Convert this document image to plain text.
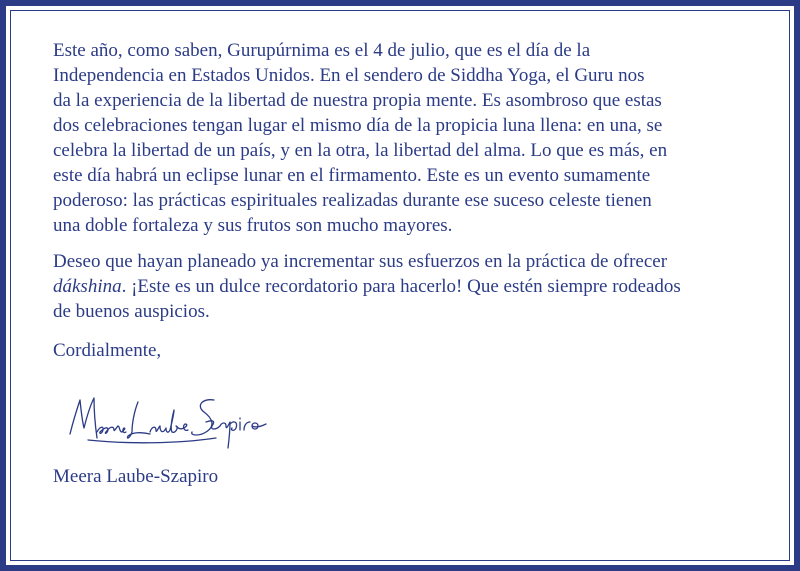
Este año, como saben, Gurupúrnima es el 4 de julio, que es el día de la
Independencia en Estados Unidos. En el sendero de Siddha Yoga, el Guru nos
da la experiencia de la libertad de nuestra propia mente. Es asombroso que estas
dos celebraciones tengan lugar el mismo día de la propicia luna llena: en una, se
celebra la libertad de un país, y en la otra, la libertad del alma. Lo que es más, en
este día habrá un eclipse lunar en el firmamento. Este es un evento sumamente
poderoso: las prácticas espirituales realizadas durante ese suceso celeste tienen
una doble fortaleza y sus frutos son mucho mayores.

Deseo que hayan planeado ya incrementar sus esfuerzos en la práctica de ofrecer
dákshina. ¡Este es un dulce recordatorio para hacerlo! Que estén siempre rodeados
de buenos auspicios.

Cordialmente,

Meera Laube-Szapiro
